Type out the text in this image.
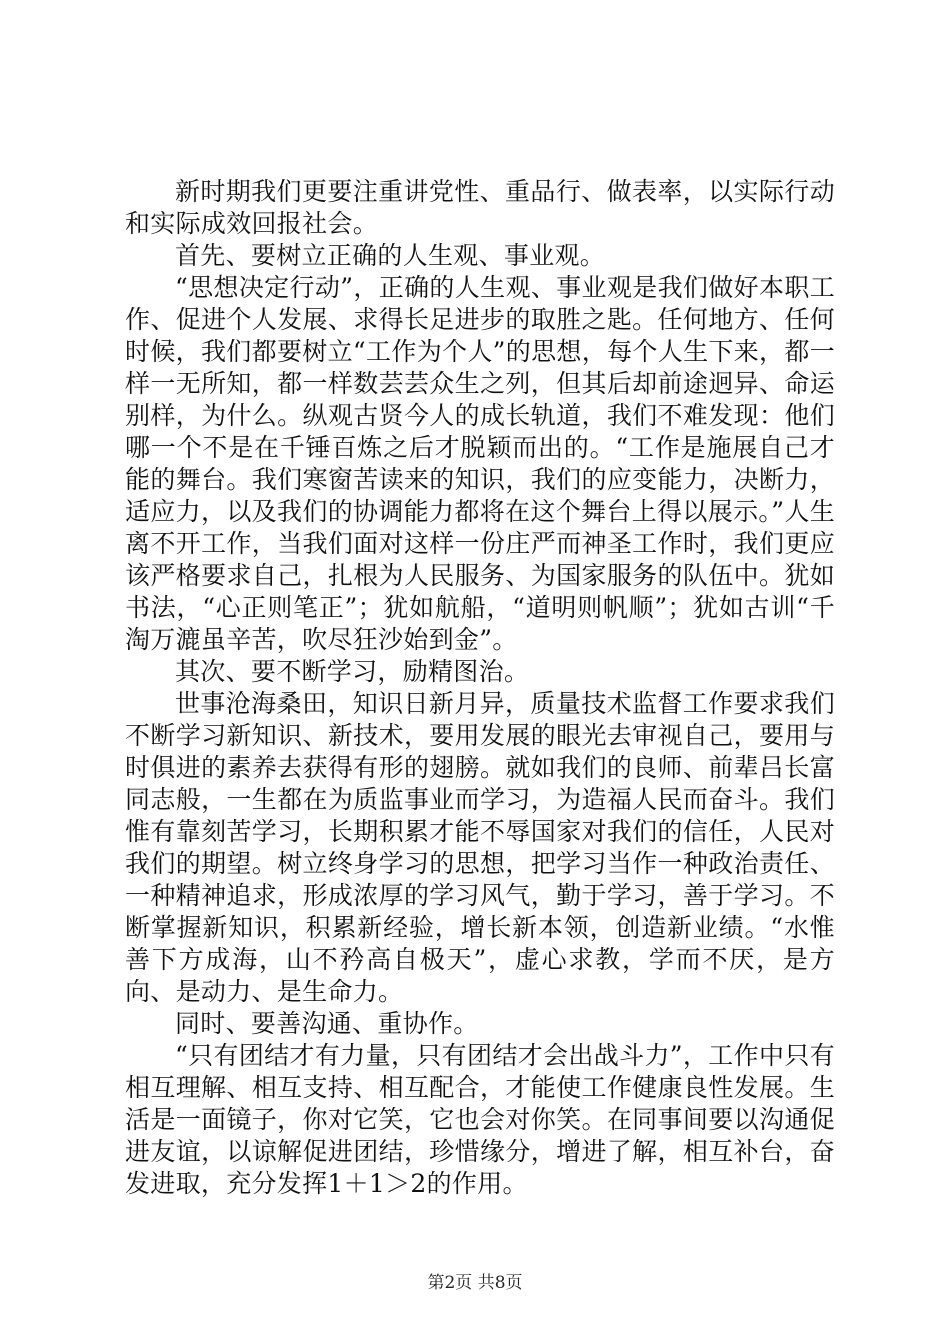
新时期我们更要注重讲党性、重品行、做表率，以实际行动和实际成效回报社会。

首先、要树立正确的人生观、事业观。

“思想决定行动”，正确的人生观、事业观是我们做好本职工作、促进个人发展、求得长足进步的取胜之匙。任何地方、任何时候，我们都要树立“工作为个人”的思想，每个人生下来，都一样一无所知，都一样数芸芸众生之列，但其后却前途迥异、命运别样，为什么。纵观古贤今人的成长轨道，我们不难发现：他们哪一个不是在千锤百炼之后才脱颖而出的。“工作是施展自己才能的舞台。我们寒窗苦读来的知识，我们的应变能力，决断力，适应力，以及我们的协调能力都将在这个舞台上得以展示。”人生离不开工作，当我们面对这样一份庄严而神圣工作时，我们更应该严格要求自己，扎根为人民服务、为国家服务的队伍中。犹如书法，“心正则笔正”；犹如航船，“道明则帆顺”；犹如古训“千淘万漉虽辛苦，吹尽狂沙始到金”。

其次、要不断学习，励精图治。

世事沧海桑田，知识日新月异，质量技术监督工作要求我们不断学习新知识、新技术，要用发展的眼光去审视自己，要用与时俱进的素养去获得有形的翅膀。就如我们的良师、前辈吕长富同志般，一生都在为质监事业而学习，为造福人民而奋斗。我们惟有靠刻苦学习，长期积累才能不辱国家对我们的信任，人民对我们的期望。树立终身学习的思想，把学习当作一种政治责任、一种精神追求，形成浓厚的学习风气，勤于学习，善于学习。不断掌握新知识，积累新经验，增长新本领，创造新业绩。“水惟善下方成海，山不矜高自极天”，虚心求教，学而不厌，是方向、是动力、是生命力。

同时、要善沟通、重协作。

“只有团结才有力量，只有团结才会出战斗力”，工作中只有相互理解、相互支持、相互配合，才能使工作健康良性发展。生活是一面镜子，你对它笑，它也会对你笑。在同事间要以沟通促进友谊，以谅解促进团结，珍惜缘分，增进了解，相互补台，奋发进取，充分发挥1＋1＞2的作用。

第2页 共8页
